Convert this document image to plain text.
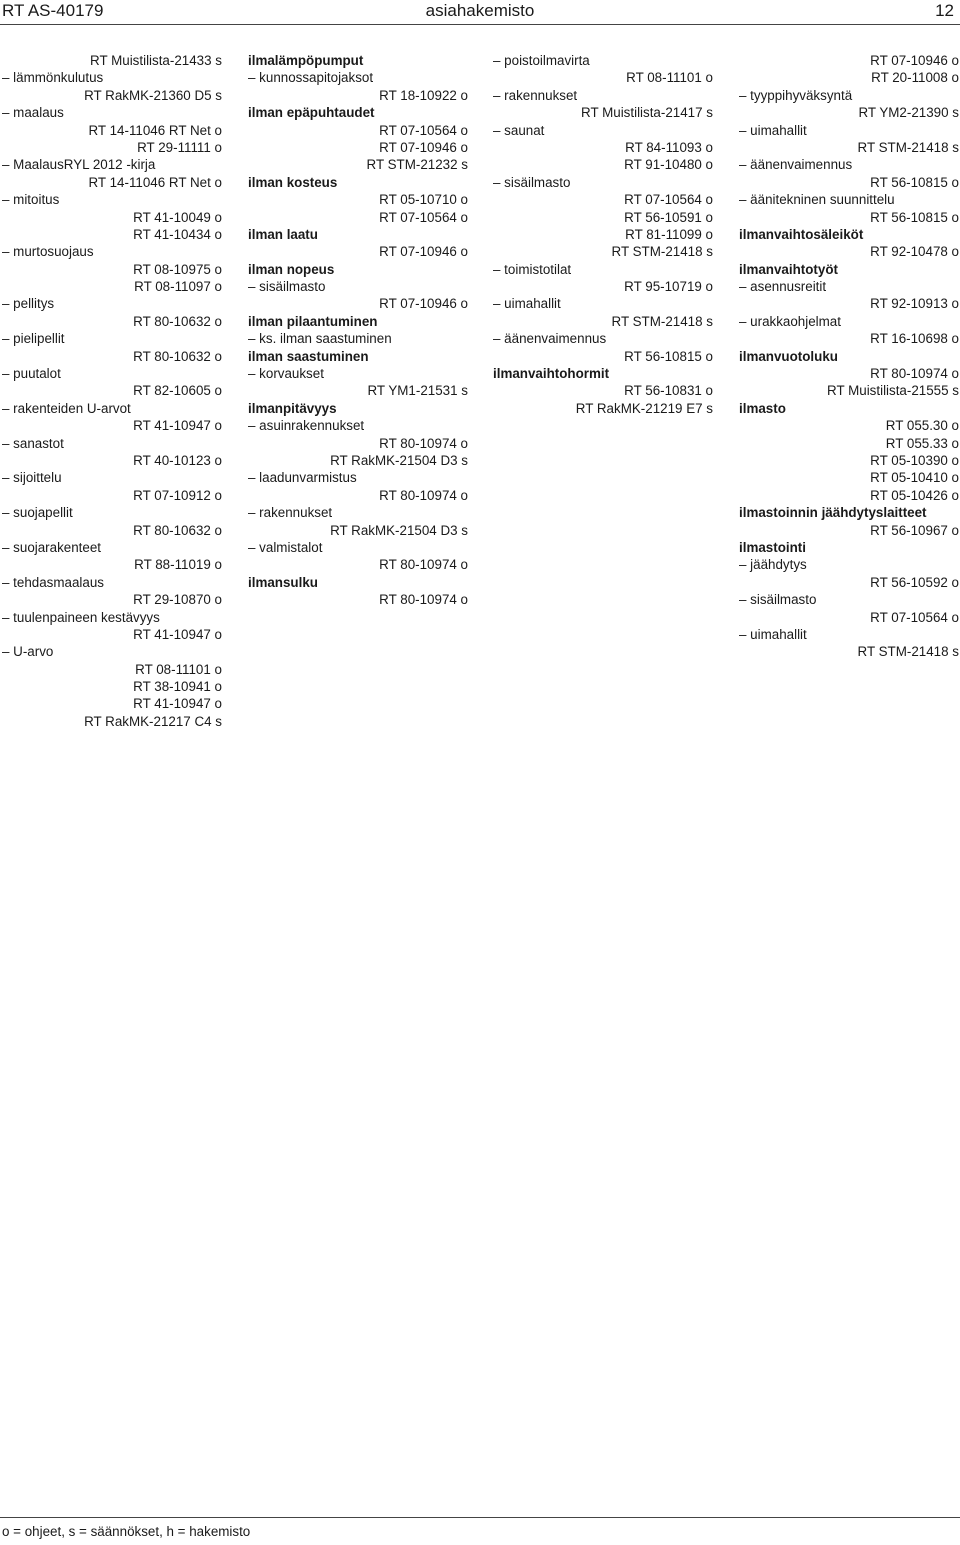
RT AS-40179	asiahakemisto	12
RT Muistilista-21433 s
– lämmönkulutus
RT RakMK-21360 D5 s
– maalaus
RT 14-11046 RT Net o
RT 29-11111 o
– MaalausRYL 2012 -kirja
RT 14-11046 RT Net o
– mitoitus
RT 41-10049 o
RT 41-10434 o
– murtosuojaus
RT 08-10975 o
RT 08-11097 o
– pellitys
RT 80-10632 o
– pielipellit
RT 80-10632 o
– puutalot
RT 82-10605 o
– rakenteiden U-arvot
RT 41-10947 o
– sanastot
RT 40-10123 o
– sijoittelu
RT 07-10912 o
– suojapellit
RT 80-10632 o
– suojarakenteet
RT 88-11019 o
– tehdasmaalaus
RT 29-10870 o
– tuulenpaineen kestävyys
RT 41-10947 o
– U-arvo
RT 08-11101 o
RT 38-10941 o
RT 41-10947 o
RT RakMK-21217 C4 s
ilmalämpöpumput
– kunnossapitojaksot
RT 18-10922 o
ilman epäpuhtaudet
RT 07-10564 o
RT 07-10946 o
RT STM-21232 s
ilman kosteus
RT 05-10710 o
RT 07-10564 o
ilman laatu
RT 07-10946 o
ilman nopeus
– sisäilmasto
RT 07-10946 o
ilman pilaantuminen
– ks. ilman saastuminen
ilman saastuminen
– korvaukset
RT YM1-21531 s
ilmanpitävyys
– asuinrakennukset
RT 80-10974 o
RT RakMK-21504 D3 s
– laadunvarmistus
RT 80-10974 o
– rakennukset
RT RakMK-21504 D3 s
– valmistalot
RT 80-10974 o
ilmansulku
RT 80-10974 o
– poistoilmavirta
RT 08-11101 o
– rakennukset
RT Muistilista-21417 s
– saunat
RT 84-11093 o
RT 91-10480 o
– sisäilmasto
RT 07-10564 o
RT 56-10591 o
RT 81-11099 o
RT STM-21418 s
– toimistotilat
RT 95-10719 o
– uimahallit
RT STM-21418 s
– äänenvaimennus
RT 56-10815 o
ilmanvaihtohormit
RT 56-10831 o
RT RakMK-21219 E7 s
RT 07-10946 o
RT 20-11008 o
– tyyppihyväksyntä
RT YM2-21390 s
– uimahallit
RT STM-21418 s
– äänenvaimennus
RT 56-10815 o
– äänitekninen suunnittelu
RT 56-10815 o
ilmanvaihtosäleiköt
RT 92-10478 o
ilmanvaihtotyöt
– asennusreitit
RT 92-10913 o
– urakkaohjelmat
RT 16-10698 o
ilmanvuotoluku
RT 80-10974 o
RT Muistilista-21555 s
ilmasto
RT 055.30 o
RT 055.33 o
RT 05-10390 o
RT 05-10410 o
RT 05-10426 o
ilmastoinnin jäähdytyslaitteet
RT 56-10967 o
ilmastointi
– jäähdytys
RT 56-10592 o
– sisäilmasto
RT 07-10564 o
– uimahallit
RT STM-21418 s
o = ohjeet, s = säännökset, h = hakemisto
